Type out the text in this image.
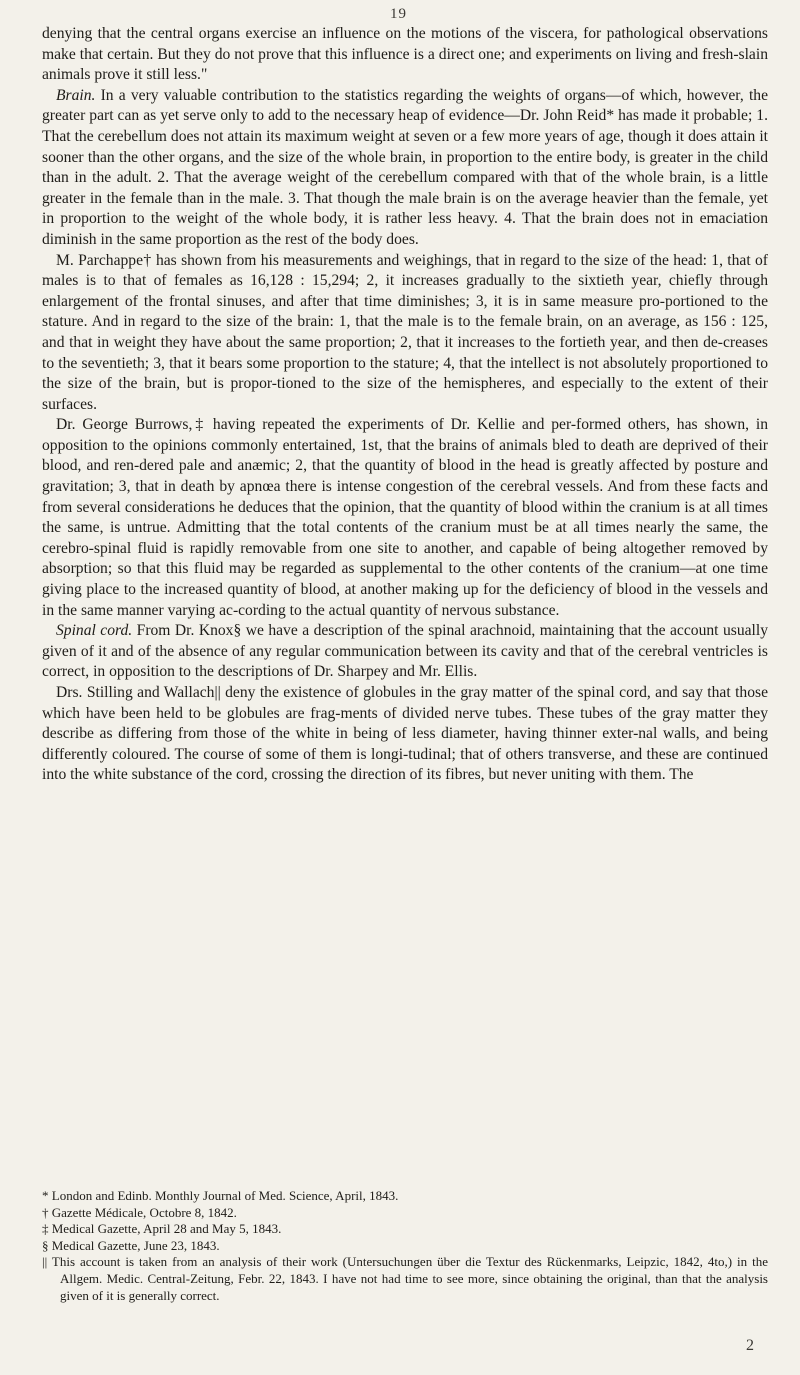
19

denying that the central organs exercise an influence on the motions of the viscera, for pathological observations make that certain. But they do not prove that this influence is a direct one; and experiments on living and fresh-slain animals prove it still less."

Brain. In a very valuable contribution to the statistics regarding the weights of organs—of which, however, the greater part can as yet serve only to add to the necessary heap of evidence—Dr. John Reid* has made it probable; 1. That the cerebellum does not attain its maximum weight at seven or a few more years of age, though it does attain it sooner than the other organs, and the size of the whole brain, in proportion to the entire body, is greater in the child than in the adult. 2. That the average weight of the cerebellum compared with that of the whole brain, is a little greater in the female than in the male. 3. That though the male brain is on the average heavier than the female, yet in proportion to the weight of the whole body, it is rather less heavy. 4. That the brain does not in emaciation diminish in the same proportion as the rest of the body does.

M. Parchappe† has shown from his measurements and weighings, that in regard to the size of the head: 1, that of males is to that of females as 16,128 : 15,294; 2, it increases gradually to the sixtieth year, chiefly through enlargement of the frontal sinuses, and after that time diminishes; 3, it is in same measure pro-portioned to the stature. And in regard to the size of the brain: 1, that the male is to the female brain, on an average, as 156 : 125, and that in weight they have about the same proportion; 2, that it increases to the fortieth year, and then de-creases to the seventieth; 3, that it bears some proportion to the stature; 4, that the intellect is not absolutely proportioned to the size of the brain, but is propor-tioned to the size of the hemispheres, and especially to the extent of their surfaces.

Dr. George Burrows,‡ having repeated the experiments of Dr. Kellie and per-formed others, has shown, in opposition to the opinions commonly entertained, 1st, that the brains of animals bled to death are deprived of their blood, and ren-dered pale and anæmic; 2, that the quantity of blood in the head is greatly affected by posture and gravitation; 3, that in death by apnœa there is intense congestion of the cerebral vessels. And from these facts and from several considerations he deduces that the opinion, that the quantity of blood within the cranium is at all times the same, is untrue. Admitting that the total contents of the cranium must be at all times nearly the same, the cerebro-spinal fluid is rapidly removable from one site to another, and capable of being altogether removed by absorption; so that this fluid may be regarded as supplemental to the other contents of the cranium—at one time giving place to the increased quantity of blood, at another making up for the deficiency of blood in the vessels and in the same manner varying ac-cording to the actual quantity of nervous substance.

Spinal cord. From Dr. Knox§ we have a description of the spinal arachnoid, maintaining that the account usually given of it and of the absence of any regular communication between its cavity and that of the cerebral ventricles is correct, in opposition to the descriptions of Dr. Sharpey and Mr. Ellis.

Drs. Stilling and Wallach|| deny the existence of globules in the gray matter of the spinal cord, and say that those which have been held to be globules are frag-ments of divided nerve tubes. These tubes of the gray matter they describe as differing from those of the white in being of less diameter, having thinner exter-nal walls, and being differently coloured. The course of some of them is longi-tudinal; that of others transverse, and these are continued into the white substance of the cord, crossing the direction of its fibres, but never uniting with them. The

* London and Edinb. Monthly Journal of Med. Science, April, 1843.

† Gazette Médicale, Octobre 8, 1842.

‡ Medical Gazette, April 28 and May 5, 1843.

§ Medical Gazette, June 23, 1843.

|| This account is taken from an analysis of their work (Untersuchungen über die Textur des Rückenmarks, Leipzic, 1842, 4to,) in the Allgem. Medic. Central-Zeitung, Febr. 22, 1843. I have not had time to see more, since obtaining the original, than that the analysis given of it is generally correct.

2
